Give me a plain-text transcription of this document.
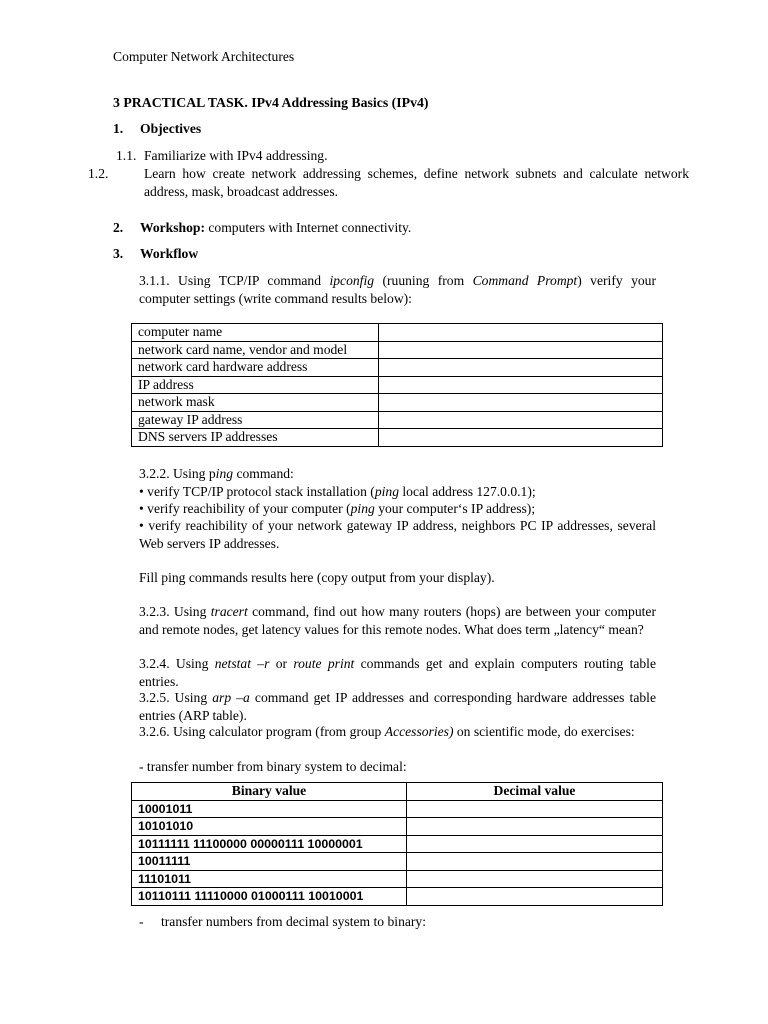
Computer Network Architectures
3 PRACTICAL TASK. IPv4 Addressing Basics (IPv4)
1. Objectives
1.1. Familiarize with IPv4 addressing.
1.2.	Learn how create network addressing schemes, define network subnets and calculate network address, mask, broadcast addresses.
2. Workshop: computers with Internet connectivity.
3. Workflow
3.1.1. Using TCP/IP command ipconfig (ruuning from Command Prompt) verify your computer settings (write command results below):
computer name	
network card name, vendor and model	
network card hardware address	
IP address	
network mask	
gateway IP address	
DNS servers IP addresses	
3.2.2. Using ping command:
• verify TCP/IP protocol stack installation (ping local address 127.0.0.1);
• verify reachibility of your computer (ping your computer‘s IP address);
• verify reachibility of your network gateway IP address, neighbors PC IP addresses, several Web servers IP addresses.
Fill ping commands results here (copy output from your display).
3.2.3. Using tracert command, find out how many routers (hops) are between your computer and remote nodes, get latency values for this remote nodes. What does term „latency“ mean?
3.2.4. Using netstat –r or route print commands get and explain computers routing table entries.
3.2.5. Using arp –a command get IP addresses and corresponding hardware addresses table entries (ARP table).
3.2.6. Using calculator program (from group Accessories) on scientific mode, do exercises:
- transfer number from binary system to decimal:
Binary value	Decimal value
10001011	
10101010	
10111111 11100000 00000111 10000001	
10011111	
11101011	
10110111 11110000 01000111 10010001	
- transfer numbers from decimal system to binary:
